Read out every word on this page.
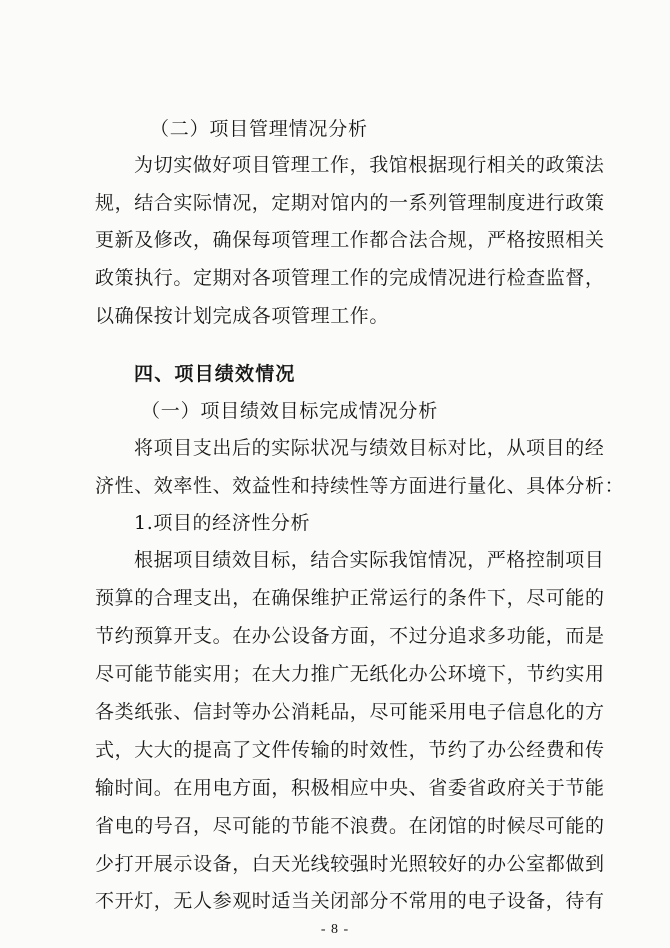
（二）项目管理情况分析
为切实做好项目管理工作，我馆根据现行相关的政策法
规，结合实际情况，定期对馆内的一系列管理制度进行政策
更新及修改，确保每项管理工作都合法合规，严格按照相关
政策执行。定期对各项管理工作的完成情况进行检查监督，
以确保按计划完成各项管理工作。
四、项目绩效情况
（一）项目绩效目标完成情况分析
将项目支出后的实际状况与绩效目标对比，从项目的经
济性、效率性、效益性和持续性等方面进行量化、具体分析：
1.项目的经济性分析
根据项目绩效目标，结合实际我馆情况，严格控制项目
预算的合理支出，在确保维护正常运行的条件下，尽可能的
节约预算开支。在办公设备方面，不过分追求多功能，而是
尽可能节能实用；在大力推广无纸化办公环境下，节约实用
各类纸张、信封等办公消耗品，尽可能采用电子信息化的方
式，大大的提高了文件传输的时效性，节约了办公经费和传
输时间。在用电方面，积极相应中央、省委省政府关于节能
省电的号召，尽可能的节能不浪费。在闭馆的时候尽可能的
少打开展示设备，白天光线较强时光照较好的办公室都做到
不开灯，无人参观时适当关闭部分不常用的电子设备，待有
- 8 -
